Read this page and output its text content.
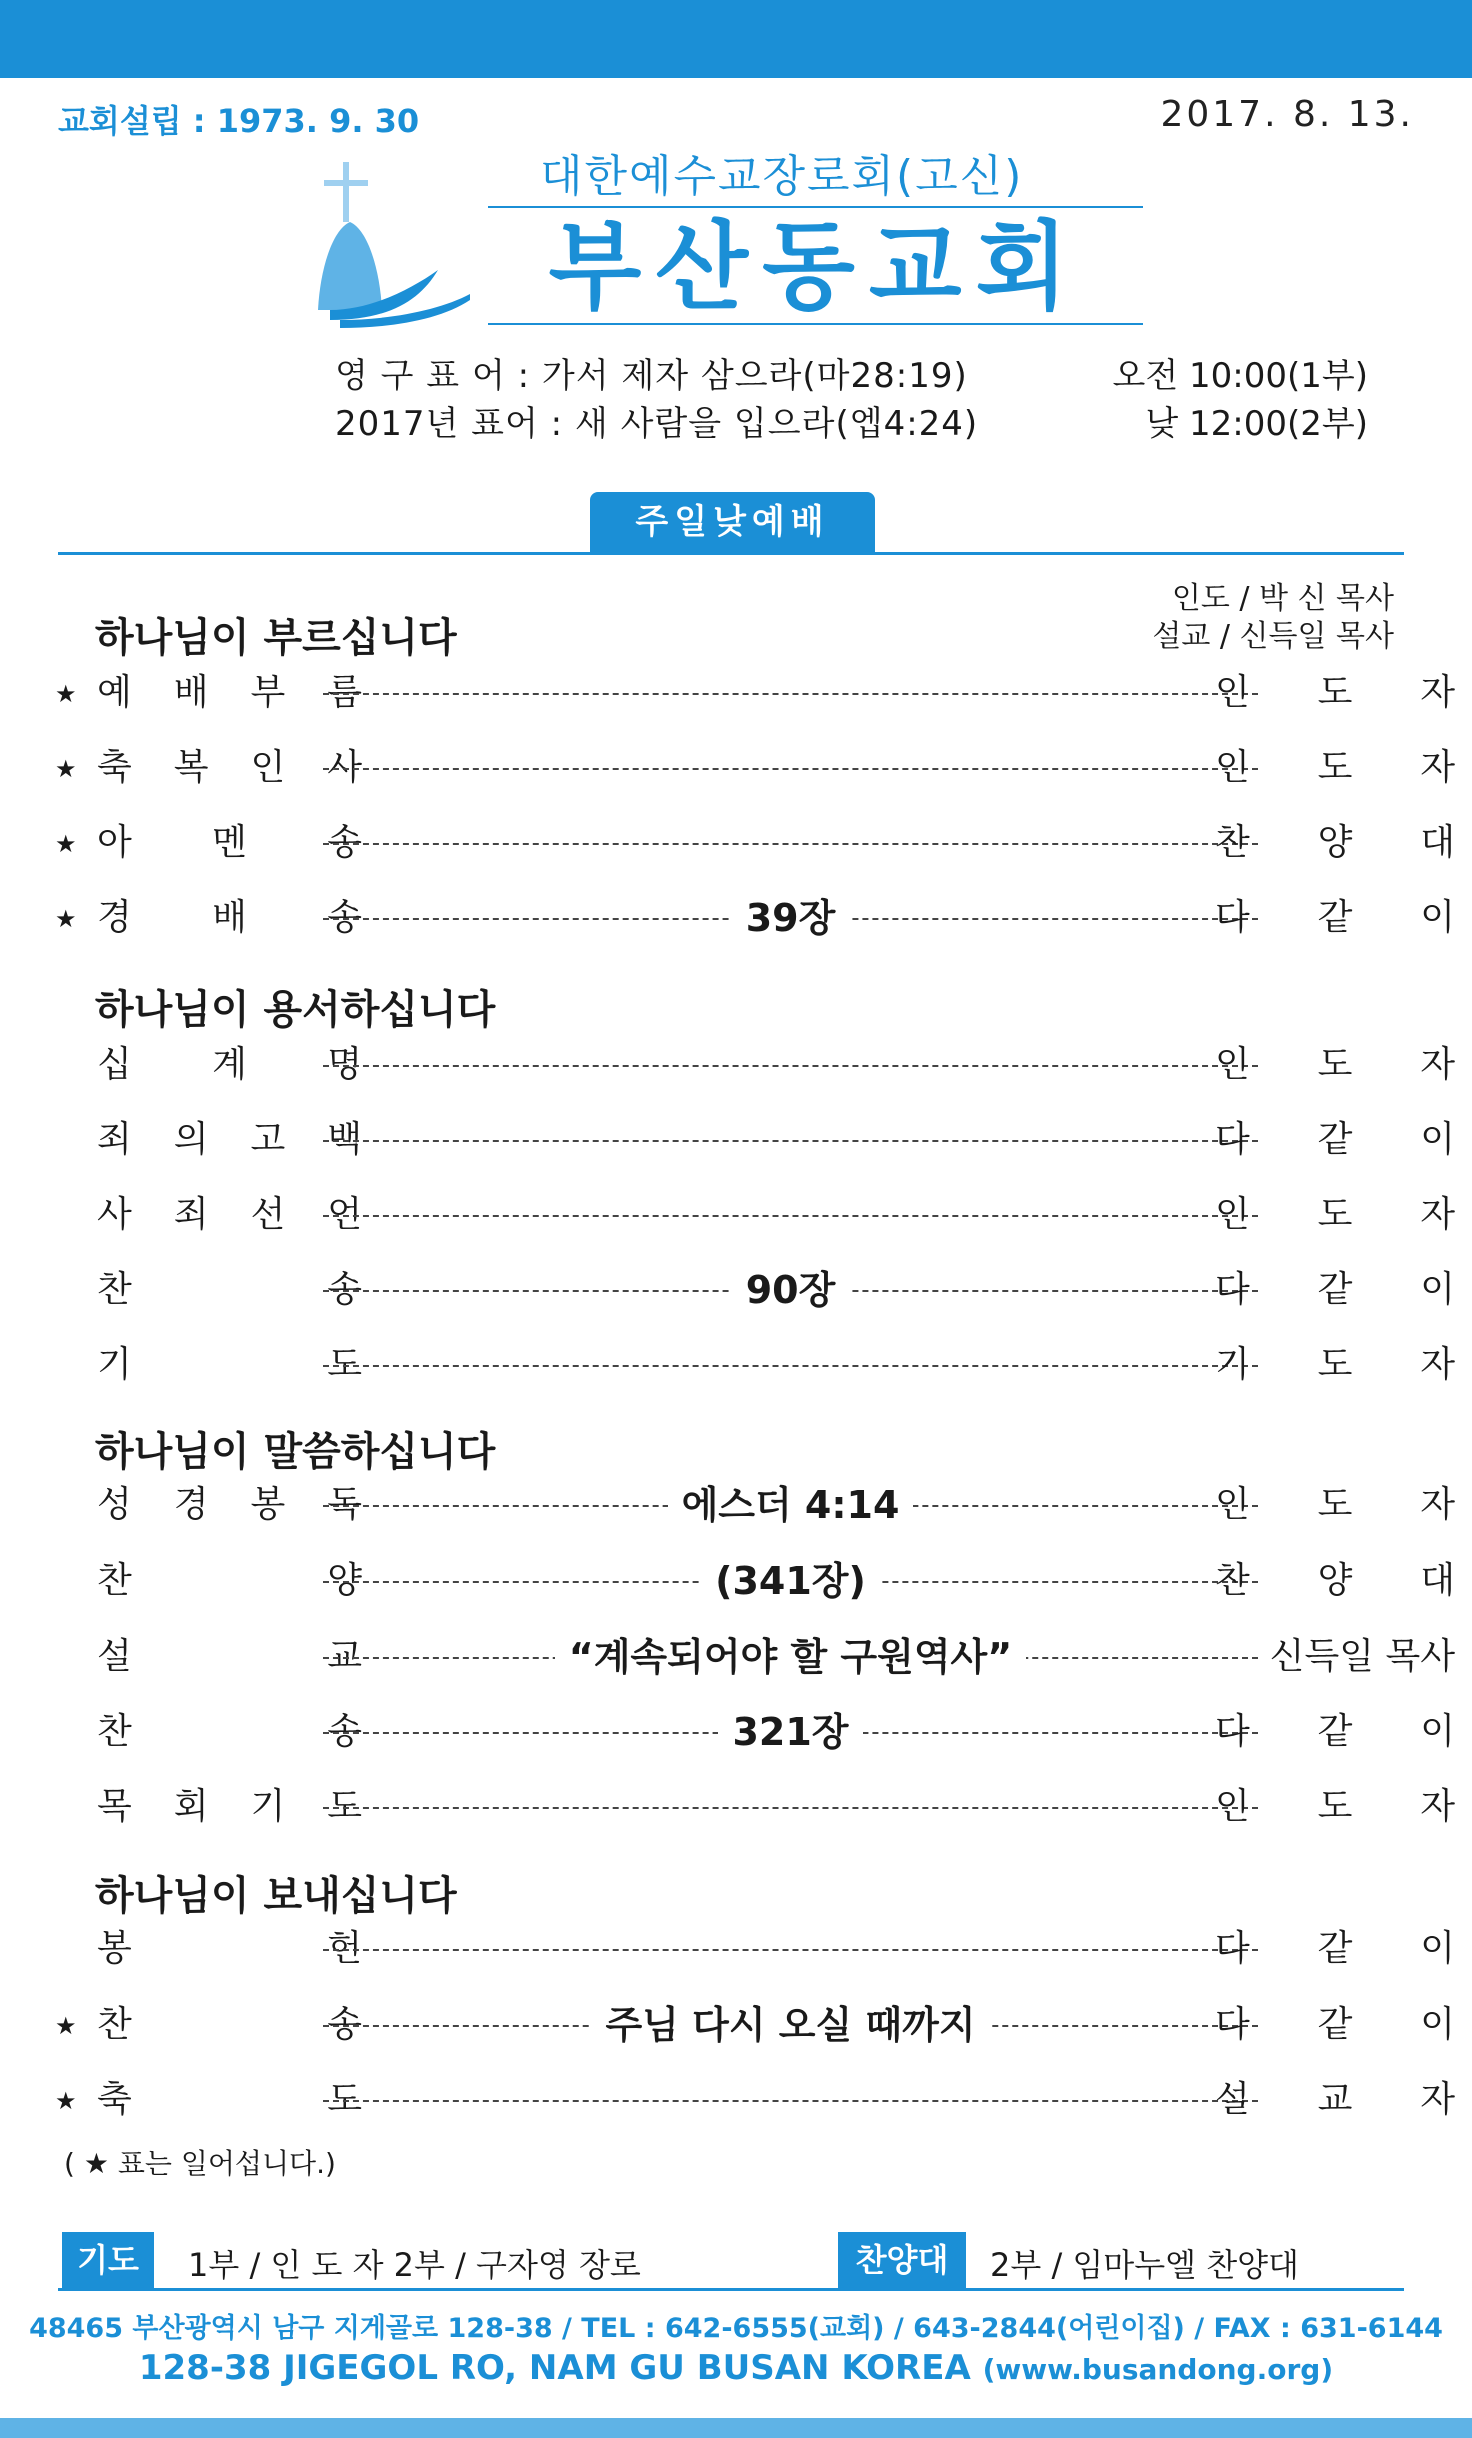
교회설립 : 1973. 9. 30	2017. 8. 13.
대한예수교장로회(고신)
부산동교회
영 구 표 어 : 가서 제자 삼으라(마28:19)
2017년 표어 : 새 사람을 입으라(엡4:24)
오전 10:00(1부)
낮 12:00(2부)
주일낮예배
인도 / 박 신 목사
설교 / 신득일 목사
하나님이 부르십니다
하나님이 용서하십니다
하나님이 말씀하십니다
하나님이 보내십니다
★ 예 배 부 름	인 도 자
★ 축 복 인 사	인 도 자
★ 아 멘 송	찬 양 대
★ 경 배 송	39장	다 같 이
십 계 명	인 도 자
죄 의 고 백	다 같 이
사 죄 선 언	인 도 자
찬	송	90장	다 같 이
기	도	기 도 자
성 경 봉 독	에스더 4:14	인 도 자
찬	양	(341장)	찬 양 대
설	교	“계속되어야 할 구원역사”	신득일 목사
찬	송	321장	다 같 이
목 회 기 도	인 도 자
봉	헌	다 같 이
★ 찬	송	주님 다시 오실 때까지	다 같 이
★ 축	도	설 교 자
( ★ 표는 일어섭니다.)
기도	1부 / 인 도 자 2부 / 구자영 장로	찬양대	2부 / 임마누엘 찬양대
48465 부산광역시 남구 지게골로 128-38 / TEL : 642-6555(교회) / 643-2844(어린이집) / FAX : 631-6144
128-38 JIGEGOL RO, NAM GU BUSAN KOREA (www.busandong.org)
